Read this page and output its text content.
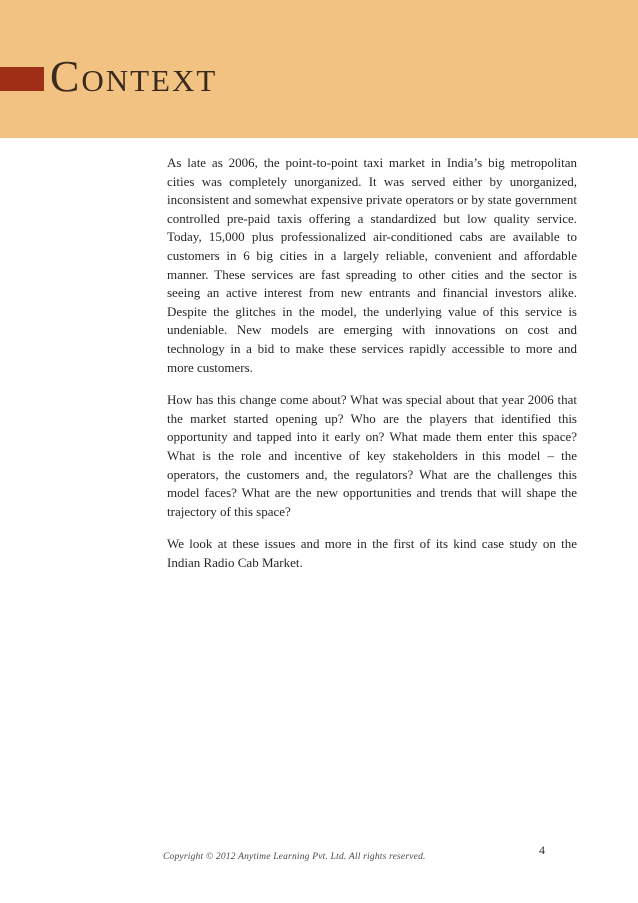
Context

As late as 2006, the point-to-point taxi market in India’s big metropolitan cities was completely unorganized. It was served either by unorganized, inconsistent and somewhat expensive private operators or by state government controlled pre-paid taxis offering a standardized but low quality service. Today, 15,000 plus professionalized air-conditioned cabs are available to customers in 6 big cities in a largely reliable, convenient and affordable manner. These services are fast spreading to other cities and the sector is seeing an active interest from new entrants and financial investors alike. Despite the glitches in the model, the underlying value of this service is undeniable. New models are emerging with innovations on cost and technology in a bid to make these services rapidly accessible to more and more customers.

How has this change come about? What was special about that year 2006 that the market started opening up? Who are the players that identified this opportunity and tapped into it early on? What made them enter this space? What is the role and incentive of key stakeholders in this model – the operators, the customers and, the regulators? What are the challenges this model faces? What are the new opportunities and trends that will shape the trajectory of this space?

We look at these issues and more in the first of its kind case study on the Indian Radio Cab Market.

Copyright © 2012 Anytime Learning Pvt. Ltd. All rights reserved.	4
